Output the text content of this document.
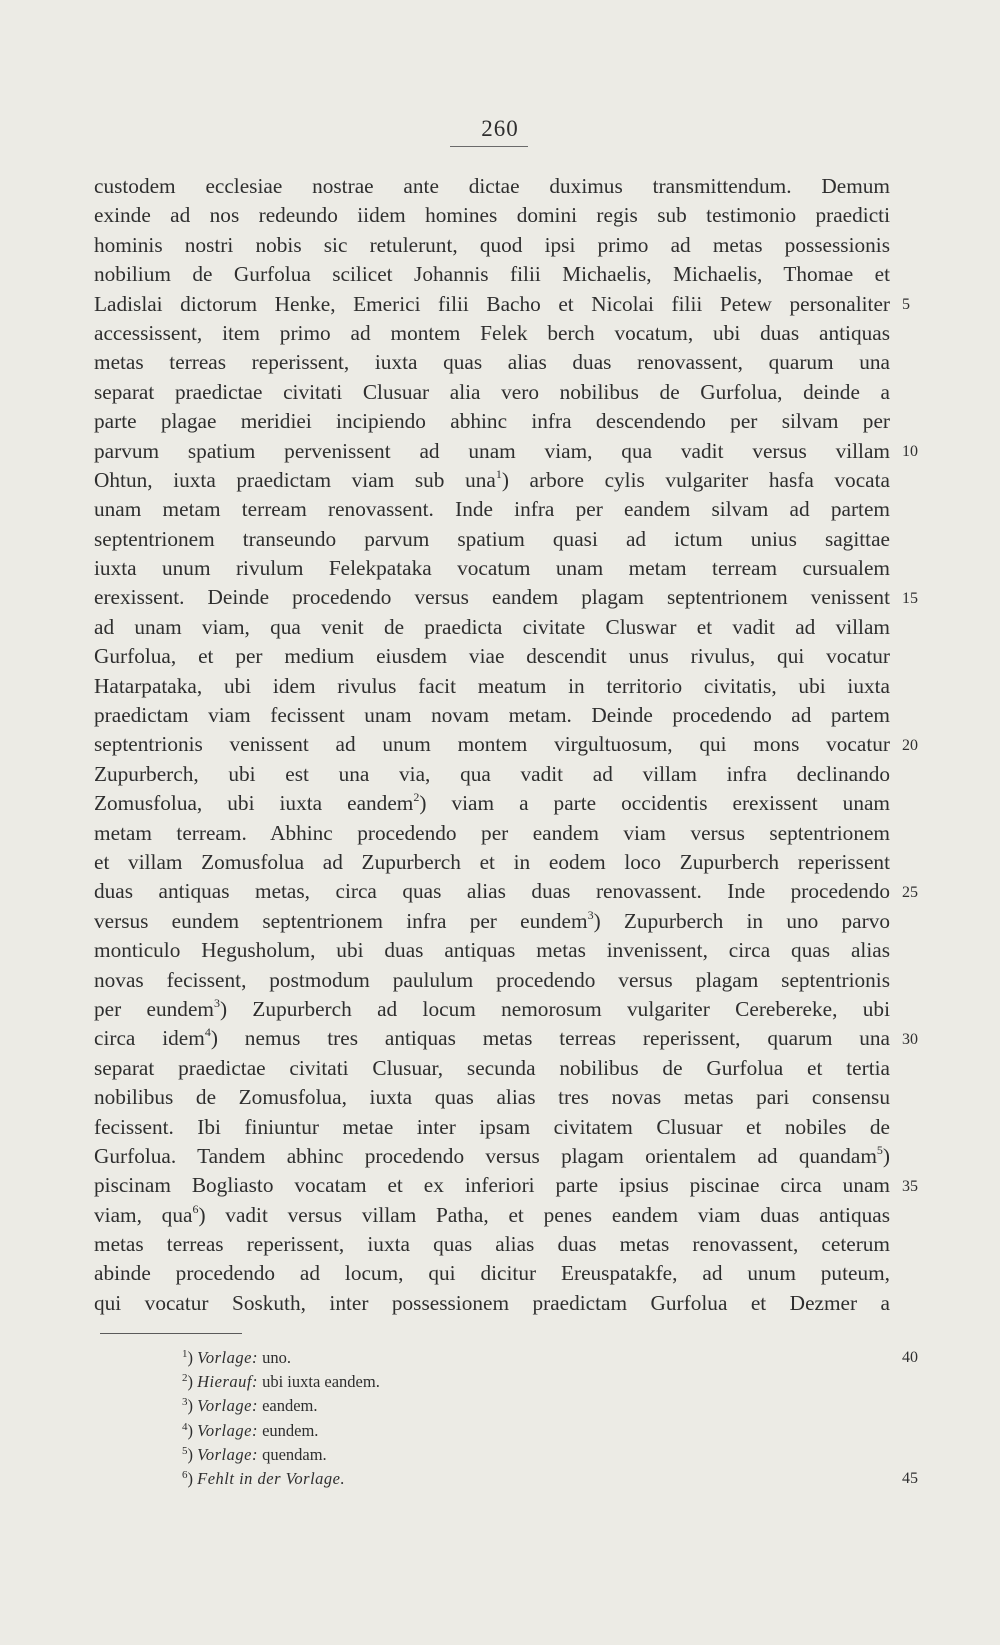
260
custodem ecclesiae nostrae ante dictae duximus transmittendum. Demum
exinde ad nos redeundo iidem homines domini regis sub testimonio praedicti
hominis nostri nobis sic retulerunt, quod ipsi primo ad metas possessionis
nobilium de Gurfolua scilicet Johannis filii Michaelis, Michaelis, Thomae et
Ladislai dictorum Henke, Emerici filii Bacho et Nicolai filii Petew personaliter
accessissent, item primo ad montem Felek berch vocatum, ubi duas antiquas
metas terreas reperissent, iuxta quas alias duas renovassent, quarum una
separat praedictae civitati Clusuar alia vero nobilibus de Gurfolua, deinde a
parte plagae meridiei incipiendo abhinc infra descendendo per silvam per
parvum spatium pervenissent ad unam viam, qua vadit versus villam
Ohtun, iuxta praedictam viam sub una$^1$) arbore cylis vulgariter hasfa vocata
unam metam terream renovassent. Inde infra per eandem silvam ad partem
septentrionem transeundo parvum spatium quasi ad ictum unius sagittae
iuxta unum rivulum Felekpataka vocatum unam metam terream cursualem
erexissent. Deinde procedendo versus eandem plagam septentrionem venissent
ad unam viam, qua venit de praedicta civitate Cluswar et vadit ad villam
Gurfolua, et per medium eiusdem viae descendit unus rivulus, qui vocatur
Hatarpataka, ubi idem rivulus facit meatum in territorio civitatis, ubi iuxta
praedictam viam fecissent unam novam metam. Deinde procedendo ad partem
septentrionis venissent ad unum montem virgultuosum, qui mons vocatur
Zupurberch, ubi est una via, qua vadit ad villam infra declinando
Zomusfolua, ubi iuxta eandem$^2$) viam a parte occidentis erexissent unam
metam terream. Abhinc procedendo per eandem viam versus septentrionem
et villam Zomusfolua ad Zupurberch et in eodem loco Zupurberch reperissent
duas antiquas metas, circa quas alias duas renovassent. Inde procedendo
versus eundem septentrionem infra per eundem$^3$) Zupurberch in uno parvo
monticulo Hegusholum, ubi duas antiquas metas invenissent, circa quas alias
novas fecissent, postmodum paululum procedendo versus plagam septentrionis
per eundem$^3$) Zupurberch ad locum nemorosum vulgariter Cerebereke, ubi
circa idem$^4$) nemus tres antiquas metas terreas reperissent, quarum una
separat praedictae civitati Clusuar, secunda nobilibus de Gurfolua et tertia
nobilibus de Zomusfolua, iuxta quas alias tres novas metas pari consensu
fecissent. Ibi finiuntur metae inter ipsam civitatem Clusuar et nobiles de
Gurfolua. Tandem abhinc procedendo versus plagam orientalem ad quandam$^5$)
piscinam Bogliasto vocatam et ex inferiori parte ipsius piscinae circa unam
viam, qua$^6$) vadit versus villam Patha, et penes eandem viam duas antiquas
metas terreas reperissent, iuxta quas alias duas metas renovassent, ceterum
abinde procedendo ad locum, qui dicitur Ereuspatakfe, ad unum puteum,
qui vocatur Soskuth, inter possessionem praedictam Gurfolua et Dezmer a
5
10
15
20
25
30
35
40
45
$^1$) Vorlage: uno.
$^2$) Hierauf: ubi iuxta eandem.
$^3$) Vorlage: eandem.
$^4$) Vorlage: eundem.
$^5$) Vorlage: quendam.
$^6$) Fehlt in der Vorlage.
